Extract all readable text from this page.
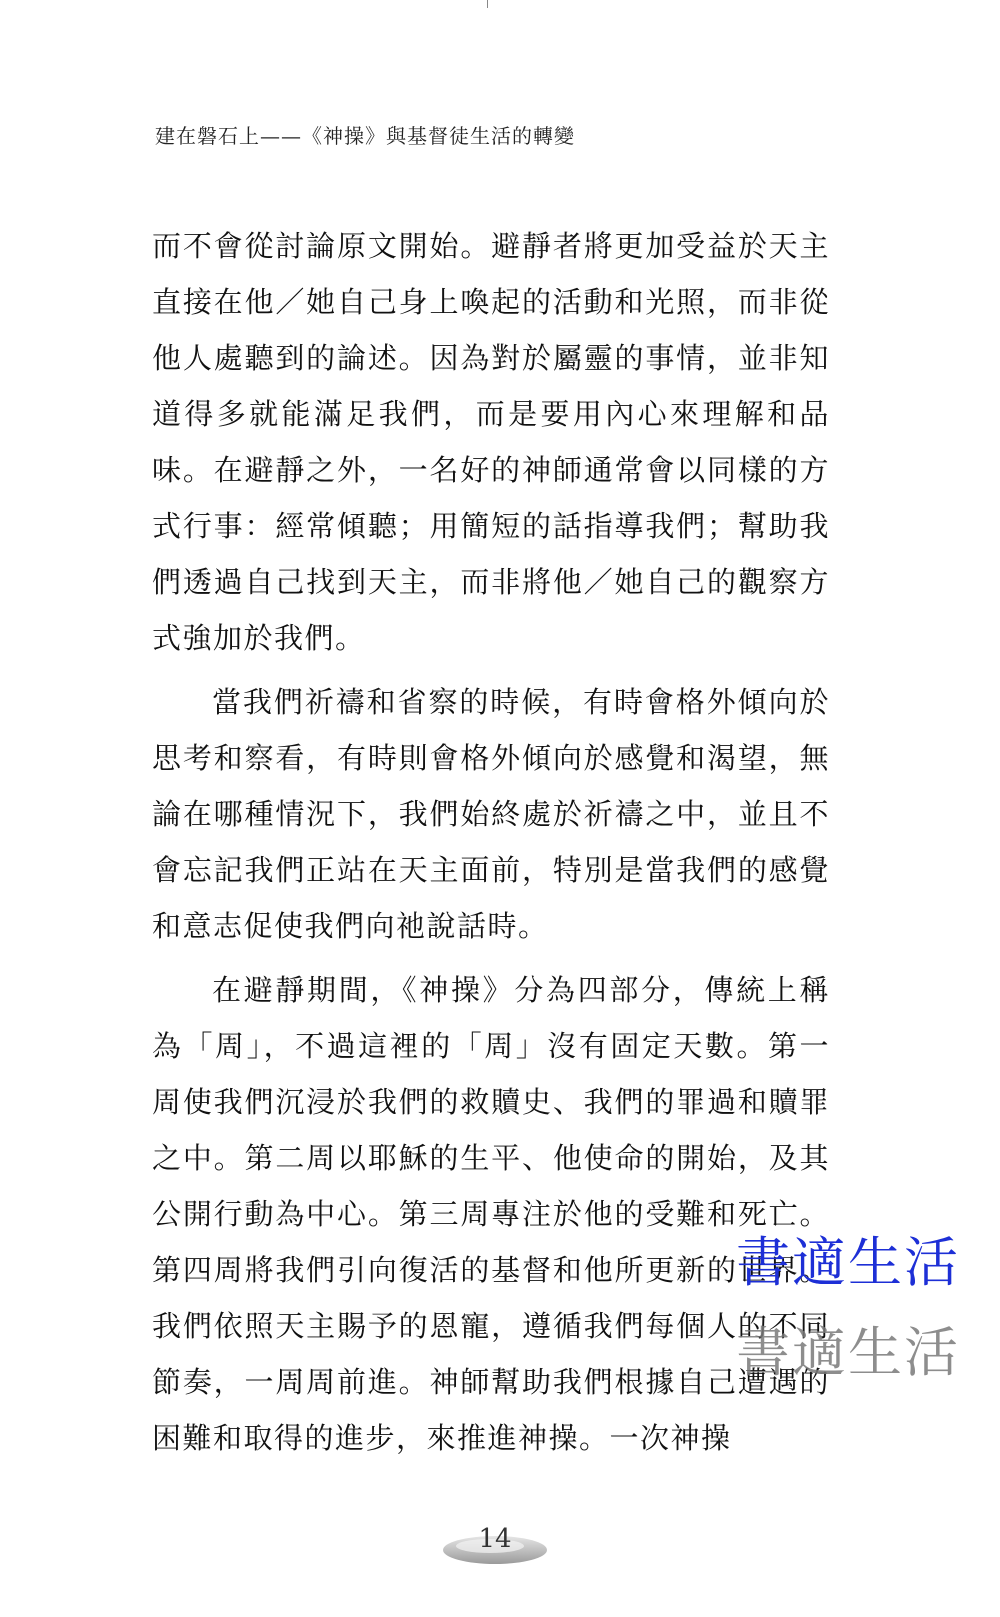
建在磐石上——《神操》與基督徒生活的轉變

而不會從討論原文開始。避靜者將更加受益於天主直接在他／她自己身上喚起的活動和光照，而非從他人處聽到的論述。因為對於屬靈的事情，並非知道得多就能滿足我們，而是要用內心來理解和品味。在避靜之外，一名好的神師通常會以同樣的方式行事：經常傾聽；用簡短的話指導我們；幫助我們透過自己找到天主，而非將他／她自己的觀察方式強加於我們。

當我們祈禱和省察的時候，有時會格外傾向於思考和察看，有時則會格外傾向於感覺和渴望，無論在哪種情況下，我們始終處於祈禱之中，並且不會忘記我們正站在天主面前，特別是當我們的感覺和意志促使我們向祂說話時。

在避靜期間，《神操》分為四部分，傳統上稱為「周」，不過這裡的「周」沒有固定天數。第一周使我們沉浸於我們的救贖史、我們的罪過和贖罪之中。第二周以耶穌的生平、他使命的開始，及其公開行動為中心。第三周專注於他的受難和死亡。第四周將我們引向復活的基督和他所更新的世界。我們依照天主賜予的恩寵，遵循我們每個人的不同節奏，一周周前進。神師幫助我們根據自己遭遇的困難和取得的進步，來推進神操。一次神操

書適生活
書適生活
14
